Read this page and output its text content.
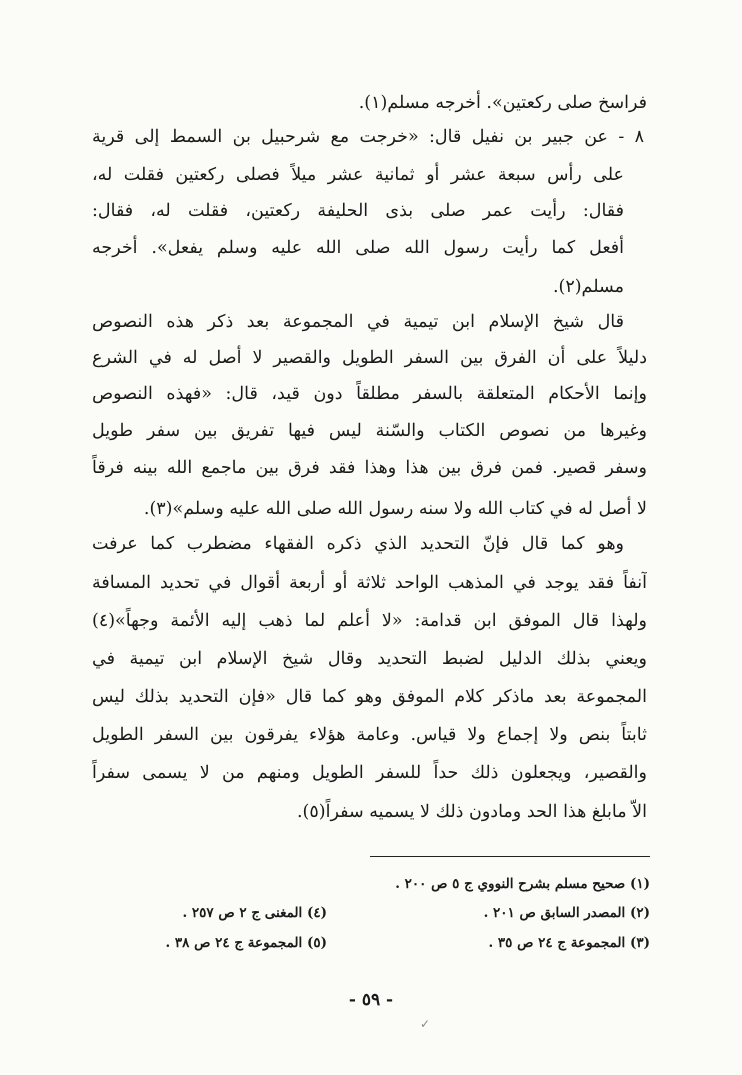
فراسخ صلى ركعتين». أخرجه مسلم(١).
٨ - عن جبير بن نفيل قال: «خرجت مع شرحبيل بن السمط إلى قرية
على رأس سبعة عشر أو ثمانية عشر ميلاً فصلى ركعتين فقلت له،
فقال: رأيت عمر صلى بذى الحليفة ركعتين، فقلت له، فقال:
أفعل كما رأيت رسول الله صلى الله عليه وسلم يفعل». أخرجه
مسلم(٢).
قال شيخ الإسلام ابن تيمية في المجموعة بعد ذكر هذه النصوص
دليلاً على أن الفرق بين السفر الطويل والقصير لا أصل له في الشرع
وإنما الأحكام المتعلقة بالسفر مطلقاً دون قيد، قال: «فهذه النصوص
وغيرها من نصوص الكتاب والسّنة ليس فيها تفريق بين سفر طويل
وسفر قصير. فمن فرق بين هذا وهذا فقد فرق بين ماجمع الله بينه فرقاً
لا أصل له في كتاب الله ولا سنه رسول الله صلى الله عليه وسلم»(٣).
وهو كما قال فإنّ التحديد الذي ذكره الفقهاء مضطرب كما عرفت
آنفاً فقد يوجد في المذهب الواحد ثلاثة أو أربعة أقوال في تحديد المسافة
ولهذا قال الموفق ابن قدامة: «لا أعلم لما ذهب إليه الأئمة وجهاً»(٤)
ويعني بذلك الدليل لضبط التحديد وقال شيخ الإسلام ابن تيمية في
المجموعة بعد ماذكر كلام الموفق وهو كما قال «فإن التحديد بذلك ليس
ثابتاً بنص ولا إجماع ولا قياس. وعامة هؤلاء يفرقون بين السفر الطويل
والقصير، ويجعلون ذلك حداً للسفر الطويل ومنهم من لا يسمى سفراً
الاّ مابلغ هذا الحد ومادون ذلك لا يسميه سفراً(٥).
(١) صحيح مسلم بشرح النووي ج ٥ ص ٢٠٠ .
(٢) المصدر السابق ص ٢٠١ .
(٣) المجموعة ج ٢٤ ص ٣٥ .
(٤) المغنى ج ٢ ص ٢٥٧ .
(٥) المجموعة ج ٢٤ ص ٣٨ .
- ٥٩ -
✓
